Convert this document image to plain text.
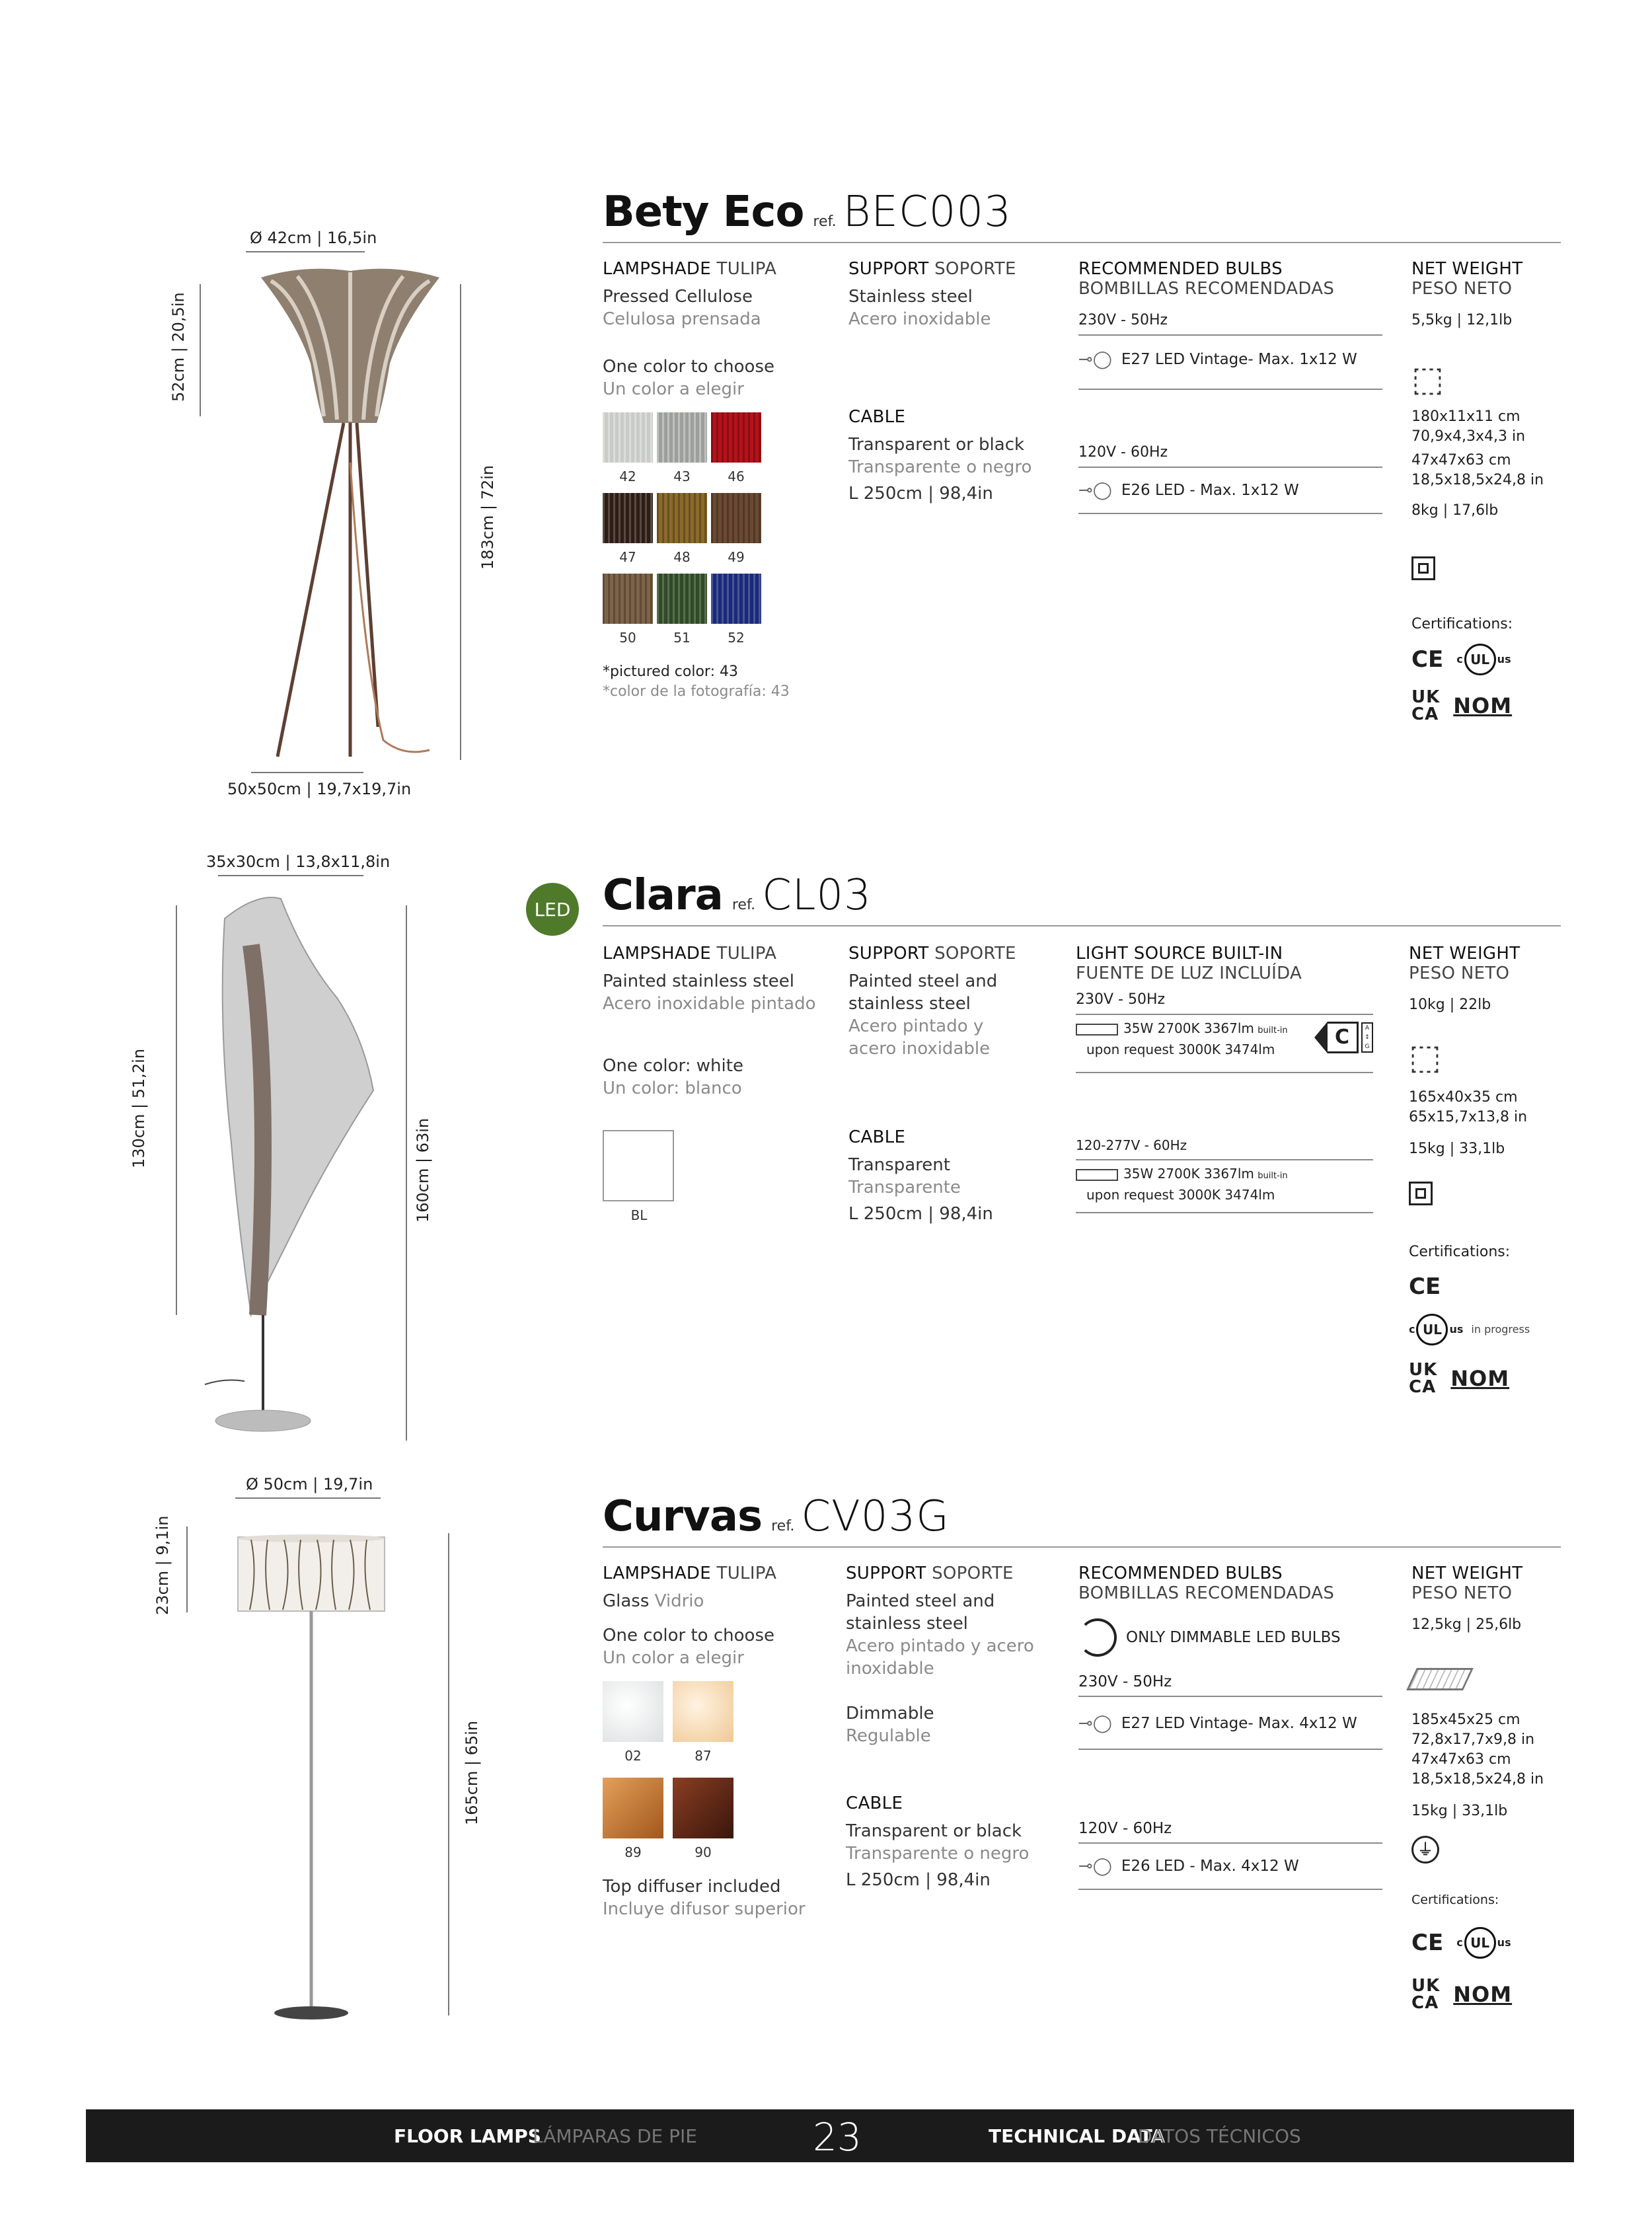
Ø 42cm | 16,5in
52cm | 20,5in
183cm | 72in
50x50cm | 19,7x19,7in
Bety Eco ref. BEC003
LAMPSHADE TULIPA
Pressed Cellulose
Celulosa prensada
One color to choose
Un color a elegir
42	43	46
47	48	49
50	51	52
*pictured color: 43
*color de la fotografía: 43
SUPPORT SOPORTE
Stainless steel
Acero inoxidable
CABLE
Transparent or black
Transparente o negro
L 250cm | 98,4in
RECOMMENDED BULBS
BOMBILLAS RECOMENDADAS
230V - 50Hz
⊸◯ E27 LED Vintage- Max. 1x12 W
120V - 60Hz
⊸◯ E26 LED - Max. 1x12 W
NET WEIGHT
PESO NETO
5,5kg | 12,1lb
⬚
180x11x11 cm
70,9x4,3x4,3 in
47x47x63 cm
18,5x18,5x24,8 in
8kg | 17,6lb
Certifications:
CE c UL us
UK
CA NOM
35x30cm | 13,8x11,8in
130cm | 51,2in
160cm | 63in
LED Clara ref. CL03
LAMPSHADE TULIPA
Painted stainless steel
Acero inoxidable pintado
One color: white
Un color: blanco
BL
SUPPORT SOPORTE
Painted steel and
stainless steel
Acero pintado y
acero inoxidable
CABLE
Transparent
Transparente
L 250cm | 98,4in
LIGHT SOURCE BUILT-IN
FUENTE DE LUZ INCLUÍDA
230V - 50Hz
35W 2700K 3367lm built-in
upon request 3000K 3474lm
C	A
↕
G
120-277V - 60Hz
35W 2700K 3367lm built-in
upon request 3000K 3474lm
NET WEIGHT
PESO NETO
10kg | 22lb
⬚
165x40x35 cm
65x15,7x13,8 in
15kg | 33,1lb
Certifications:
CE
c UL us in progress
UK
CA NOM
Ø 50cm | 19,7in
23cm | 9,1in
165cm | 65in
Curvas ref. CV03G
LAMPSHADE TULIPA
Glass Vidrio
One color to choose
Un color a elegir
02	87
89	90
Top diffuser included
Incluye difusor superior
SUPPORT SOPORTE
Painted steel and
stainless steel
Acero pintado y acero
inoxidable
Dimmable
Regulable
CABLE
Transparent or black
Transparente o negro
L 250cm | 98,4in
RECOMMENDED BULBS
BOMBILLAS RECOMENDADAS
ONLY DIMMABLE LED BULBS
230V - 50Hz
⊸◯ E27 LED Vintage- Max. 4x12 W
120V - 60Hz
⊸◯ E26 LED - Max. 4x12 W
NET WEIGHT
PESO NETO
12,5kg | 25,6lb
185x45x25 cm
72,8x17,7x9,8 in
47x47x63 cm
18,5x18,5x24,8 in
15kg | 33,1lb
⏚
Certifications:
CE c UL us
UK
CA NOM
FLOOR LAMPS
LÁMPARAS DE PIE	23	TECHNICAL DATA
DATOS TÉCNICOS
